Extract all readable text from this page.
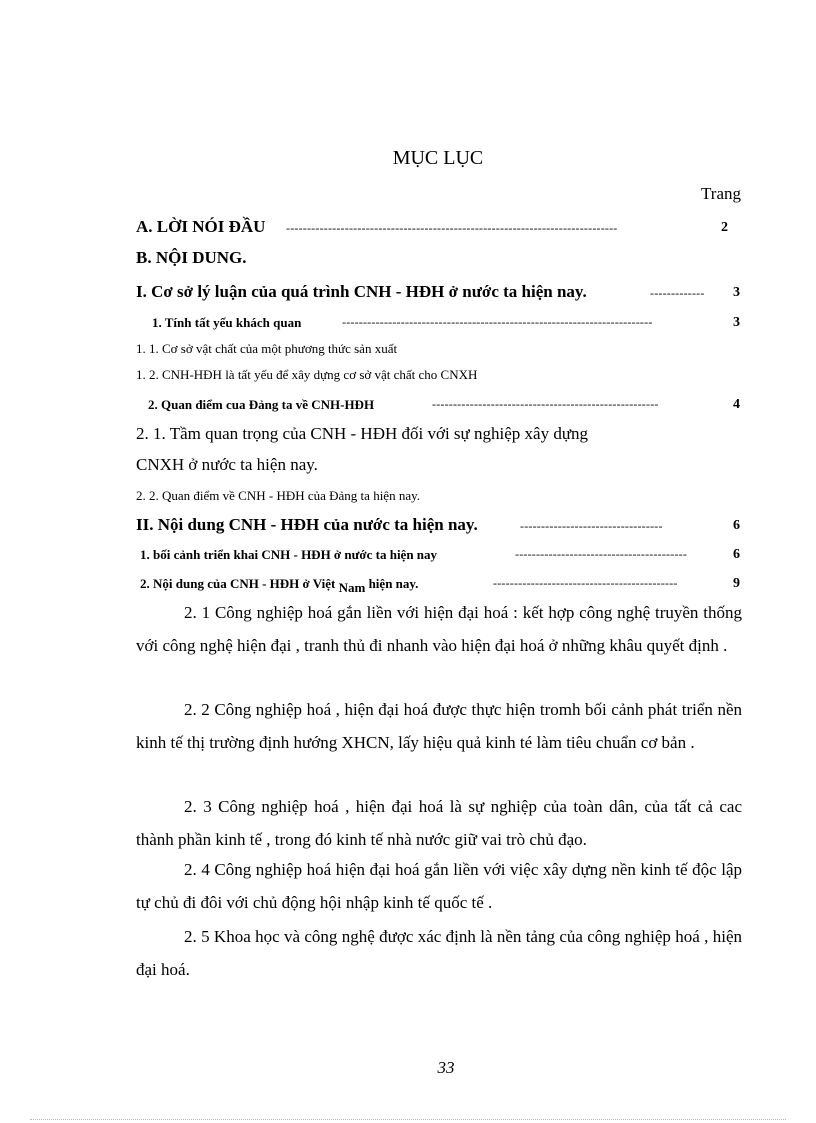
MỤC LỤC
Trang
A. LỜI NÓI ĐẦU -------------------------------------------------------------------------------	2
B. NỘI DUNG.
I. Cơ sở lý luận của quá trình CNH - HĐH ở nước ta hiện nay.	-------------	3
1. Tính tất yếu khách quan	--------------------------------------------------------------------------	3
1. 1. Cơ sở vật chất của một phương thức sản xuất
1. 2. CNH-HĐH là tất yếu để xây dựng cơ sở vật chất cho CNXH
2. Quan điểm cua Đảng ta về CNH-HĐH	------------------------------------------------------	4
2. 1. Tầm quan trọng của CNH - HĐH đối với sự nghiệp xây dựng
CNXH ở nước ta hiện nay.
2. 2. Quan điểm về CNH - HĐH của Đảng ta hiện nay.
II. Nội dung CNH - HĐH của nước ta hiện nay.	----------------------------------	6
1. bối cảnh triển khai CNH - HĐH ở nước ta hiện nay	-----------------------------------------	6
2. Nội dung của CNH - HĐH ở Việt Nam hiện nay.	--------------------------------------------	9
2. 1 Công nghiệp hoá gắn liền với hiện đại hoá : kết hợp công nghệ truyền thống với công nghệ hiện đại , tranh thủ đi nhanh vào hiện đại hoá ở những khâu quyết định .
2. 2 Công nghiệp hoá , hiện đại hoá được thực hiện tromh bối cảnh phát triển nền kinh tế thị trường định hướng XHCN, lấy hiệu quả kinh té làm tiêu chuẩn cơ bản .
2. 3 Công nghiệp hoá , hiện đại hoá là sự nghiệp của toàn dân, của tất cả cac thành phần kinh tế , trong đó kinh tế nhà nước giữ vai trò chủ đạo.
2. 4 Công nghiệp hoá hiện đại hoá gắn liền với việc xây dựng nền kinh tế độc lập tự chủ đi đôi với chủ động hội nhập kinh tế quốc tế .
2. 5 Khoa học và công nghệ được xác định là nền tảng của công nghiệp hoá , hiện đại hoá.
33
